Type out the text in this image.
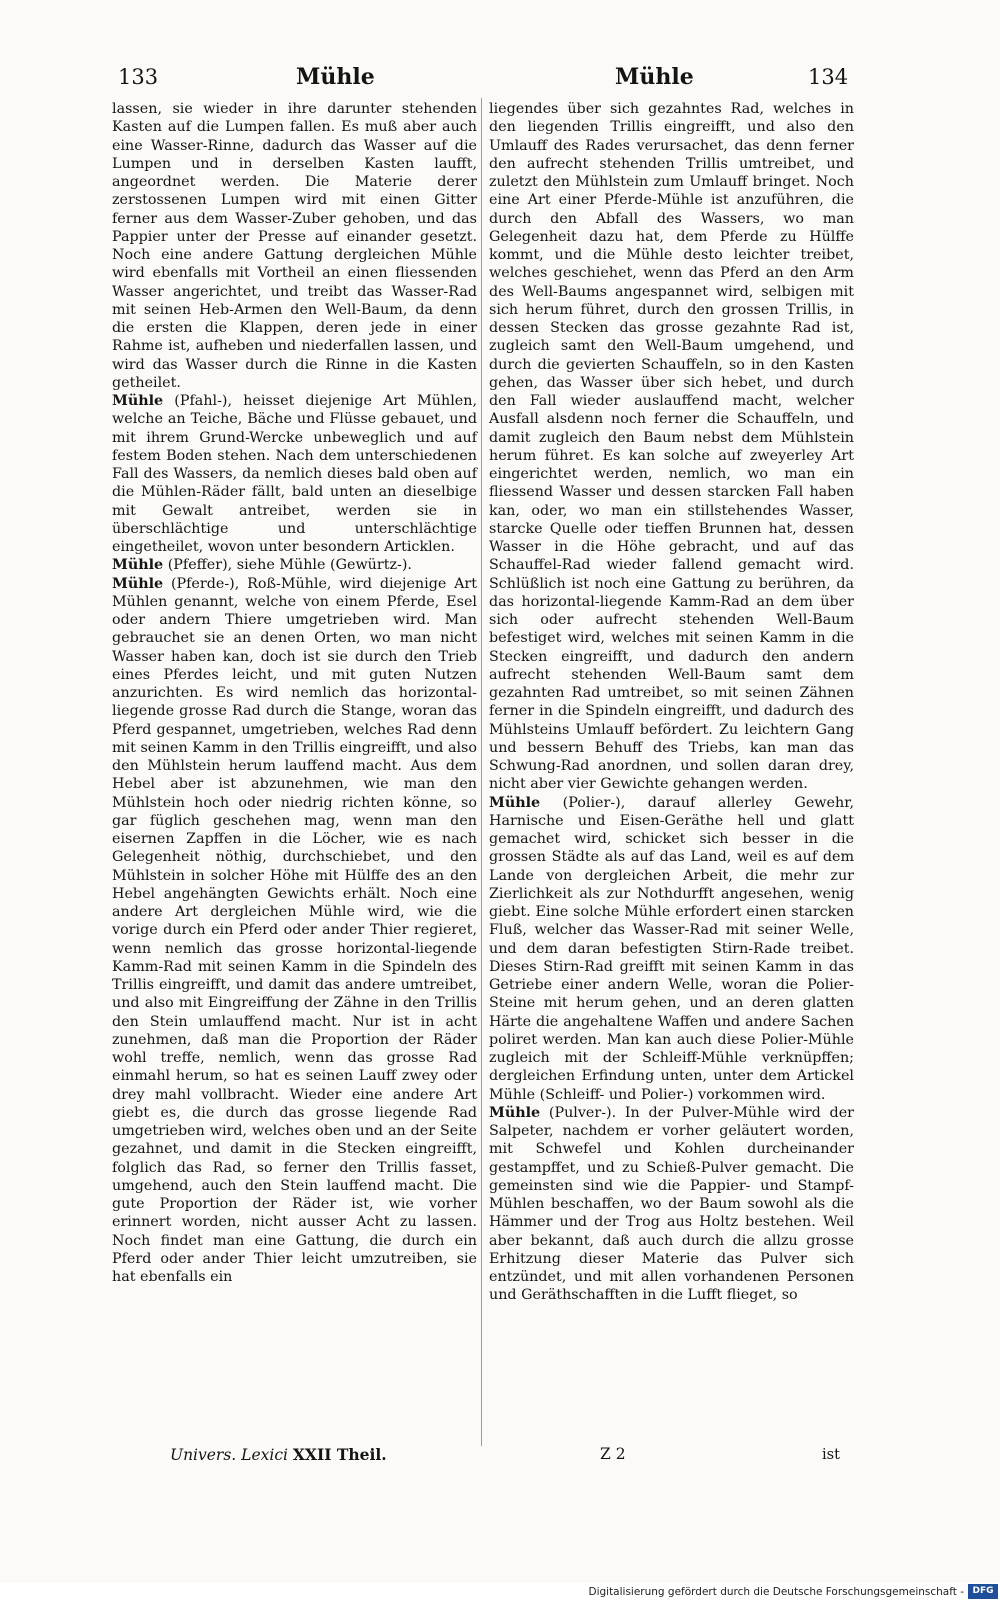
133	Mühle	Mühle	134

lassen, sie wieder in ihre darunter stehenden Kasten auf die Lumpen fallen. Es muß aber auch eine Wasser-Rinne, dadurch das Wasser auf die Lumpen und in derselben Kasten laufft, angeordnet werden. Die Materie derer zerstossenen Lumpen wird mit einen Gitter ferner aus dem Wasser-Zuber gehoben, und das Pappier unter der Presse auf einander gesetzt. Noch eine andere Gattung dergleichen Mühle wird ebenfalls mit Vortheil an einen fliessenden Wasser angerichtet, und treibt das Wasser-Rad mit seinen Heb-Armen den Well-Baum, da denn die ersten die Klappen, deren jede in einer Rahme ist, aufheben und niederfallen lassen, und wird das Wasser durch die Rinne in die Kasten getheilet.

Mühle (Pfahl-), heisset diejenige Art Mühlen, welche an Teiche, Bäche und Flüsse gebauet, und mit ihrem Grund-Wercke unbeweglich und auf festem Boden stehen. Nach dem unterschiedenen Fall des Wassers, da nemlich dieses bald oben auf die Mühlen-Räder fällt, bald unten an dieselbige mit Gewalt antreibet, werden sie in überschlächtige und unterschlächtige eingetheilet, wovon unter besondern Articklen.

Mühle (Pfeffer), siehe Mühle (Gewürtz-).

Mühle (Pferde-), Roß-Mühle, wird diejenige Art Mühlen genannt, welche von einem Pferde, Esel oder andern Thiere umgetrieben wird. Man gebrauchet sie an denen Orten, wo man nicht Wasser haben kan, doch ist sie durch den Trieb eines Pferdes leicht, und mit guten Nutzen anzurichten. Es wird nemlich das horizontal-liegende grosse Rad durch die Stange, woran das Pferd gespannet, umgetrieben, welches Rad denn mit seinen Kamm in den Trillis eingreifft, und also den Mühlstein herum lauffend macht. Aus dem Hebel aber ist abzunehmen, wie man den Mühlstein hoch oder niedrig richten könne, so gar füglich geschehen mag, wenn man den eisernen Zapffen in die Löcher, wie es nach Gelegenheit nöthig, durchschiebet, und den Mühlstein in solcher Höhe mit Hülffe des an den Hebel angehängten Gewichts erhält. Noch eine andere Art dergleichen Mühle wird, wie die vorige durch ein Pferd oder ander Thier regieret, wenn nemlich das grosse horizontal-liegende Kamm-Rad mit seinen Kamm in die Spindeln des Trillis eingreifft, und damit das andere umtreibet, und also mit Eingreiffung der Zähne in den Trillis den Stein umlauffend macht. Nur ist in acht zunehmen, daß man die Proportion der Räder wohl treffe, nemlich, wenn das grosse Rad einmahl herum, so hat es seinen Lauff zwey oder drey mahl vollbracht. Wieder eine andere Art giebt es, die durch das grosse liegende Rad umgetrieben wird, welches oben und an der Seite gezahnet, und damit in die Stecken eingreifft, folglich das Rad, so ferner den Trillis fasset, umgehend, auch den Stein lauffend macht. Die gute Proportion der Räder ist, wie vorher erinnert worden, nicht ausser Acht zu lassen. Noch findet man eine Gattung, die durch ein Pferd oder ander Thier leicht umzutreiben, sie hat ebenfalls ein

liegendes über sich gezahntes Rad, welches in den liegenden Trillis eingreifft, und also den Umlauff des Rades verursachet, das denn ferner den aufrecht stehenden Trillis umtreibet, und zuletzt den Mühlstein zum Umlauff bringet. Noch eine Art einer Pferde-Mühle ist anzuführen, die durch den Abfall des Wassers, wo man Gelegenheit dazu hat, dem Pferde zu Hülffe kommt, und die Mühle desto leichter treibet, welches geschiehet, wenn das Pferd an den Arm des Well-Baums angespannet wird, selbigen mit sich herum führet, durch den grossen Trillis, in dessen Stecken das grosse gezahnte Rad ist, zugleich samt den Well-Baum umgehend, und durch die gevierten Schauffeln, so in den Kasten gehen, das Wasser über sich hebet, und durch den Fall wieder auslauffend macht, welcher Ausfall alsdenn noch ferner die Schauffeln, und damit zugleich den Baum nebst dem Mühlstein herum führet. Es kan solche auf zweyerley Art eingerichtet werden, nemlich, wo man ein fliessend Wasser und dessen starcken Fall haben kan, oder, wo man ein stillstehendes Wasser, starcke Quelle oder tieffen Brunnen hat, dessen Wasser in die Höhe gebracht, und auf das Schauffel-Rad wieder fallend gemacht wird. Schlüßlich ist noch eine Gattung zu berühren, da das horizontal-liegende Kamm-Rad an dem über sich oder aufrecht stehenden Well-Baum befestiget wird, welches mit seinen Kamm in die Stecken eingreifft, und dadurch den andern aufrecht stehenden Well-Baum samt dem gezahnten Rad umtreibet, so mit seinen Zähnen ferner in die Spindeln eingreifft, und dadurch des Mühlsteins Umlauff befördert. Zu leichtern Gang und bessern Behuff des Triebs, kan man das Schwung-Rad anordnen, und sollen daran drey, nicht aber vier Gewichte gehangen werden.

Mühle (Polier-), darauf allerley Gewehr, Harnische und Eisen-Geräthe hell und glatt gemachet wird, schicket sich besser in die grossen Städte als auf das Land, weil es auf dem Lande von dergleichen Arbeit, die mehr zur Zierlichkeit als zur Nothdurfft angesehen, wenig giebt. Eine solche Mühle erfordert einen starcken Fluß, welcher das Wasser-Rad mit seiner Welle, und dem daran befestigten Stirn-Rade treibet. Dieses Stirn-Rad greifft mit seinen Kamm in das Getriebe einer andern Welle, woran die Polier-Steine mit herum gehen, und an deren glatten Härte die angehaltene Waffen und andere Sachen poliret werden. Man kan auch diese Polier-Mühle zugleich mit der Schleiff-Mühle verknüpffen; dergleichen Erfindung unten, unter dem Artickel Mühle (Schleiff- und Polier-) vorkommen wird.

Mühle (Pulver-). In der Pulver-Mühle wird der Salpeter, nachdem er vorher geläutert worden, mit Schwefel und Kohlen durcheinander gestampffet, und zu Schieß-Pulver gemacht. Die gemeinsten sind wie die Pappier- und Stampf-Mühlen beschaffen, wo der Baum sowohl als die Hämmer und der Trog aus Holtz bestehen. Weil aber bekannt, daß auch durch die allzu grosse Erhitzung dieser Materie das Pulver sich entzündet, und mit allen vorhandenen Personen und Geräthschafften in die Lufft flieget, so

Univers. Lexici XXII Theil.	Z 2	ist
Digitalisierung gefördert durch die Deutsche Forschungsgemeinschaft - DFG
